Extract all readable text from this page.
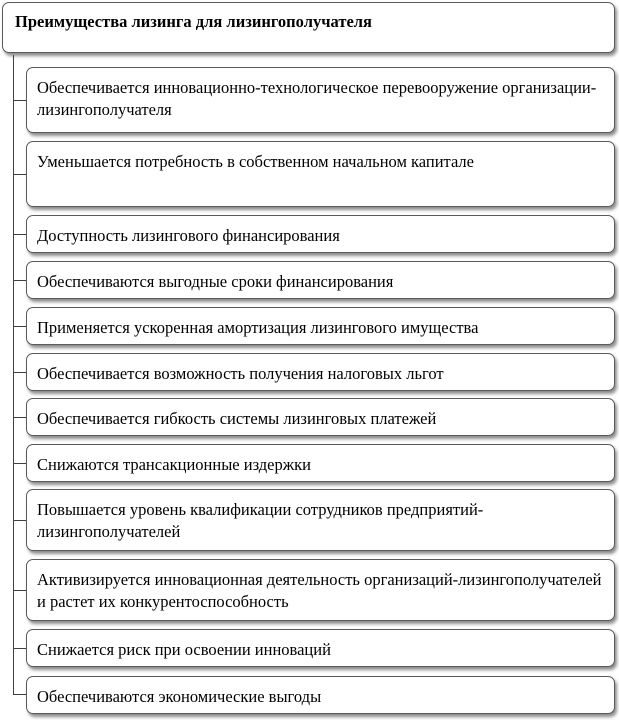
Преимущества лизинга для лизингополучателя
Обеспечивается инновационно-технологическое перевооружение организации-лизингополучателя
Уменьшается потребность в собственном начальном капитале
Доступность лизингового финансирования
Обеспечиваются выгодные сроки финансирования
Применяется ускоренная амортизация лизингового имущества
Обеспечивается возможность получения налоговых льгот
Обеспечивается гибкость системы лизинговых платежей
Снижаются трансакционные издержки
Повышается уровень квалификации сотрудников предприятий-лизингополучателей
Активизируется инновационная деятельность организаций-лизингополучателей и растет их конкурентоспособность
Снижается риск при освоении инноваций
Обеспечиваются экономические выгоды
